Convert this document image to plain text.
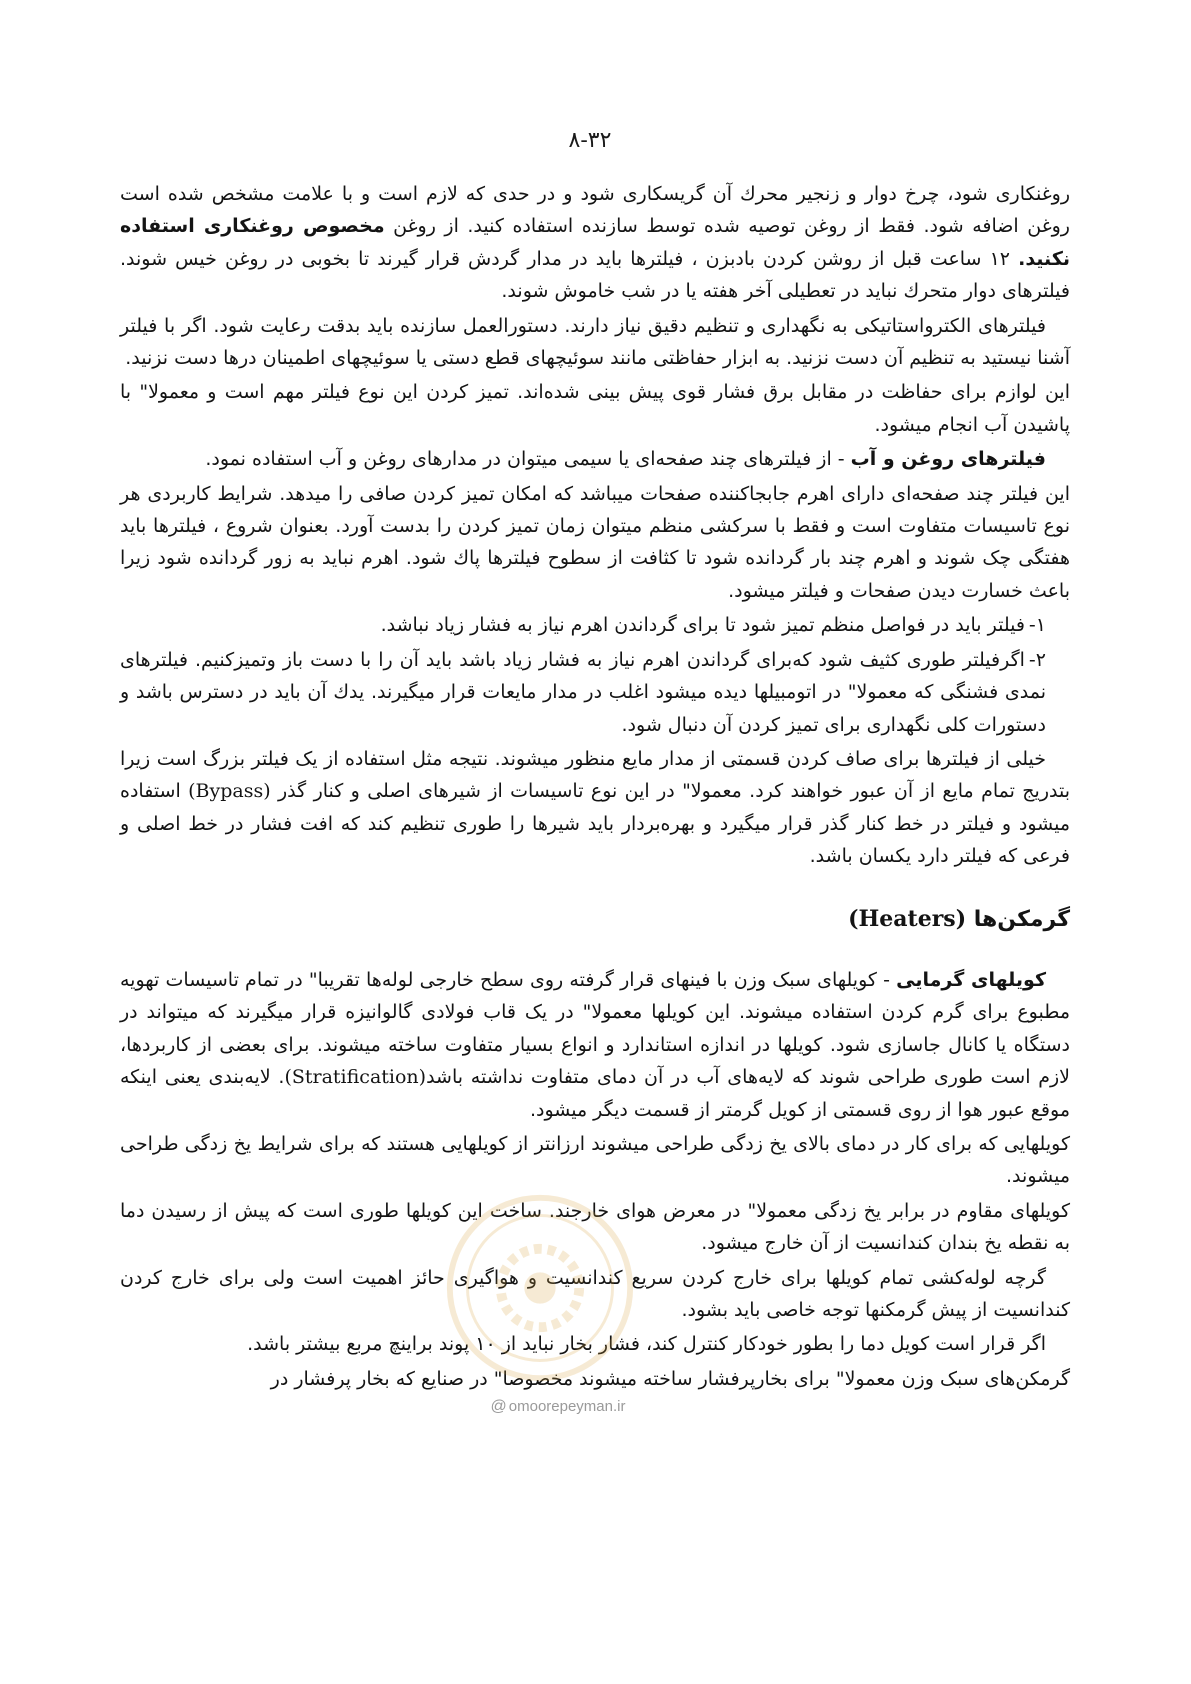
۸-۳۲

روغنکاری شود، چرخ دوار و زنجیر محرك آن گریسکاری شود و در حدی که لازم است و با علامت مشخص شده است روغن اضافه شود. فقط از روغن توصیه شده توسط سازنده استفاده کنید. از روغن مخصوص روغنکاری استفاده نکنید. ۱۲ ساعت قبل از روشن کردن بادبزن ، فیلترها باید در مدار گردش قرار گیرند تا بخوبی در روغن خیس شوند. فیلترهای دوار متحرك نباید در تعطیلی آخر هفته یا در شب خاموش شوند.

فیلترهای الکترواستاتیکی به نگهداری و تنظیم دقیق نیاز دارند. دستورالعمل سازنده باید بدقت رعایت شود. اگر با فیلتر آشنا نیستید به تنظیم آن دست نزنید. به ابزار حفاظتی مانند سوئیچهای قطع دستی یا سوئیچهای اطمینان درها دست نزنید.

این لوازم برای حفاظت در مقابل برق فشار قوی پیش بینی شده‌اند. تمیز کردن این نوع فیلتر مهم است و معمولا" با پاشیدن آب انجام میشود.

فیلترهای روغن و آب - از فیلترهای چند صفحه‌ای یا سیمی میتوان در مدارهای روغن و آب استفاده نمود.

این فیلتر چند صفحه‌ای دارای اهرم جابجاکننده صفحات میباشد که امکان تمیز کردن صافی را میدهد. شرایط کاربردی هر نوع تاسیسات متفاوت است و فقط با سرکشی منظم میتوان زمان تمیز کردن را بدست آورد. بعنوان شروع ، فیلترها باید هفتگی چک شوند و اهرم چند بار گردانده شود تا کثافت از سطوح فیلترها پاك شود. اهرم نباید به زور گردانده شود زیرا باعث خسارت دیدن صفحات و فیلتر میشود.

۱-فیلتر باید در فواصل منظم تمیز شود تا برای گرداندن اهرم نیاز به فشار زیاد نباشد.

۲-اگرفیلتر طوری کثیف شود که‌برای گرداندن اهرم نیاز به فشار زیاد باشد باید آن را با دست باز وتمیزکنیم. فیلترهای نمدی فشنگی که معمولا" در اتومبیلها دیده میشود اغلب در مدار مایعات قرار میگیرند. یدك آن باید در دسترس باشد و دستورات کلی نگهداری برای تمیز کردن آن دنبال شود.

خیلی از فیلترها برای صاف کردن قسمتی از مدار مایع منظور میشوند. نتیجه مثل استفاده از یک فیلتر بزرگ است زیرا بتدریج تمام مایع از آن عبور خواهند کرد. معمولا" در این نوع تاسیسات از شیرهای اصلی و کنار گذر (Bypass) استفاده میشود و فیلتر در خط کنار گذر قرار میگیرد و بهره‌بردار باید شیرها را طوری تنظیم کند که افت فشار در خط اصلی و فرعی که فیلتر دارد یکسان باشد.

گرمکن‌ها (Heaters)

کویلهای گرمایی - کویلهای سبک وزن با فینهای قرار گرفته روی سطح خارجی لوله‌ها تقریبا" در تمام تاسیسات تهویه مطبوع برای گرم کردن استفاده میشوند. این کویلها معمولا" در یک قاب فولادی گالوانیزه قرار میگیرند که میتواند در دستگاه یا کانال جاسازی شود. کویلها در اندازه استاندارد و انواع بسیار متفاوت ساخته میشوند. برای بعضی از کاربردها، لازم است طوری طراحی شوند که لایه‌های آب در آن دمای متفاوت نداشته باشد(Stratification). لایه‌بندی یعنی اینکه موقع عبور هوا از روی قسمتی از کویل گرمتر از قسمت دیگر میشود.

کویلهایی که برای کار در دمای بالای یخ زدگی طراحی میشوند ارزانتر از کویلهایی هستند که برای شرایط یخ زدگی طراحی میشوند.

کویلهای مقاوم در برابر یخ زدگی معمولا" در معرض هوای خارجند. ساخت این کویلها طوری است که پیش از رسیدن دما به نقطه یخ بندان کندانسیت از آن خارج میشود.

گرچه لوله‌کشی تمام کویلها برای خارج کردن سریع کندانسیت و هواگیری حائز اهمیت است ولی برای خارج کردن کندانسیت از پیش گرمکنها توجه خاصی باید بشود.

اگر قرار است کویل دما را بطور خودکار کنترل کند، فشار بخار نباید از ۱۰ پوند براینچ مربع بیشتر باشد.

گرمکن‌های سبک وزن معمولا" برای بخارپرفشار ساخته میشوند مخصوصا" در صنایع که بخار پرفشار در

@ omoorepeyman.ir
